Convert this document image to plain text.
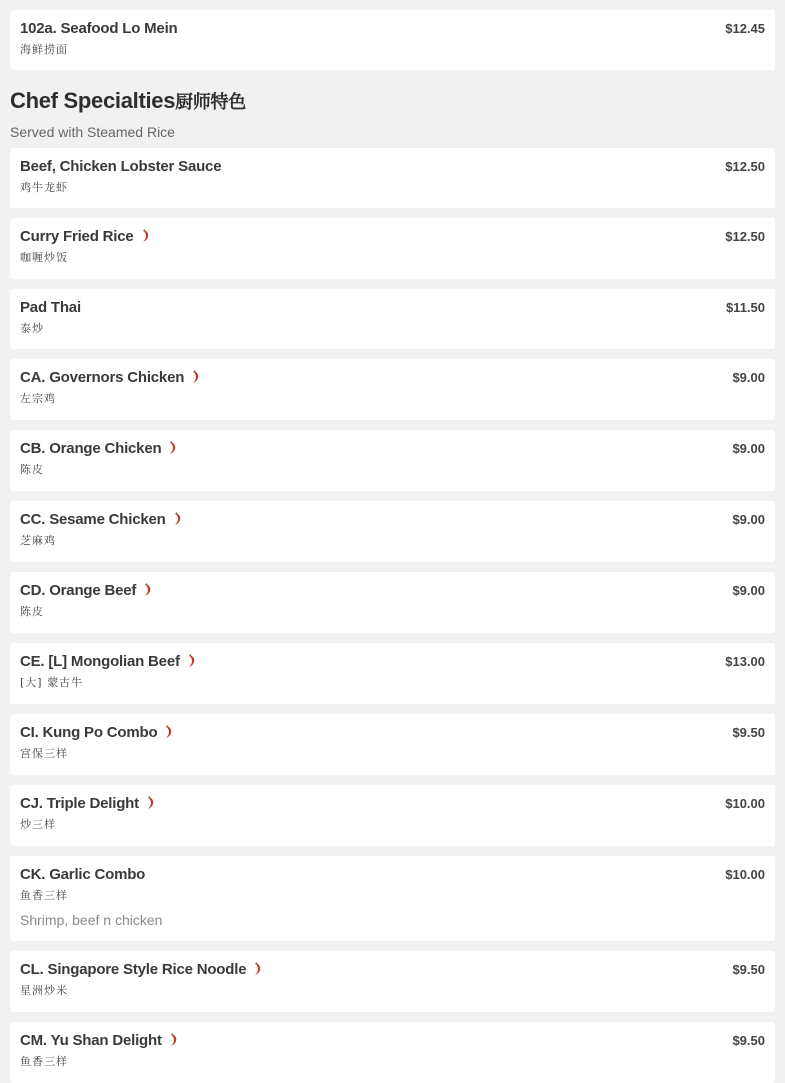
102a. Seafood Lo Mein
海鲜捞面
$12.45
Chef Specialties厨师特色
Served with Steamed Rice
Beef, Chicken Lobster Sauce
鸡牛龙虾
$12.50
Curry Fried Rice
咖喱炒饭
$12.50
Pad Thai
泰炒
$11.50
CA. Governors Chicken
左宗鸡
$9.00
CB. Orange Chicken
陈皮
$9.00
CC. Sesame Chicken
芝麻鸡
$9.00
CD. Orange Beef
陈皮
$9.00
CE. [L] Mongolian Beef
[大] 蒙古牛
$13.00
CI. Kung Po Combo
宫保三样
$9.50
CJ. Triple Delight
炒三样
$10.00
CK. Garlic Combo
鱼香三样
Shrimp, beef n chicken
$10.00
CL. Singapore Style Rice Noodle
星洲炒米
$9.50
CM. Yu Shan Delight
鱼香三样
$9.50
